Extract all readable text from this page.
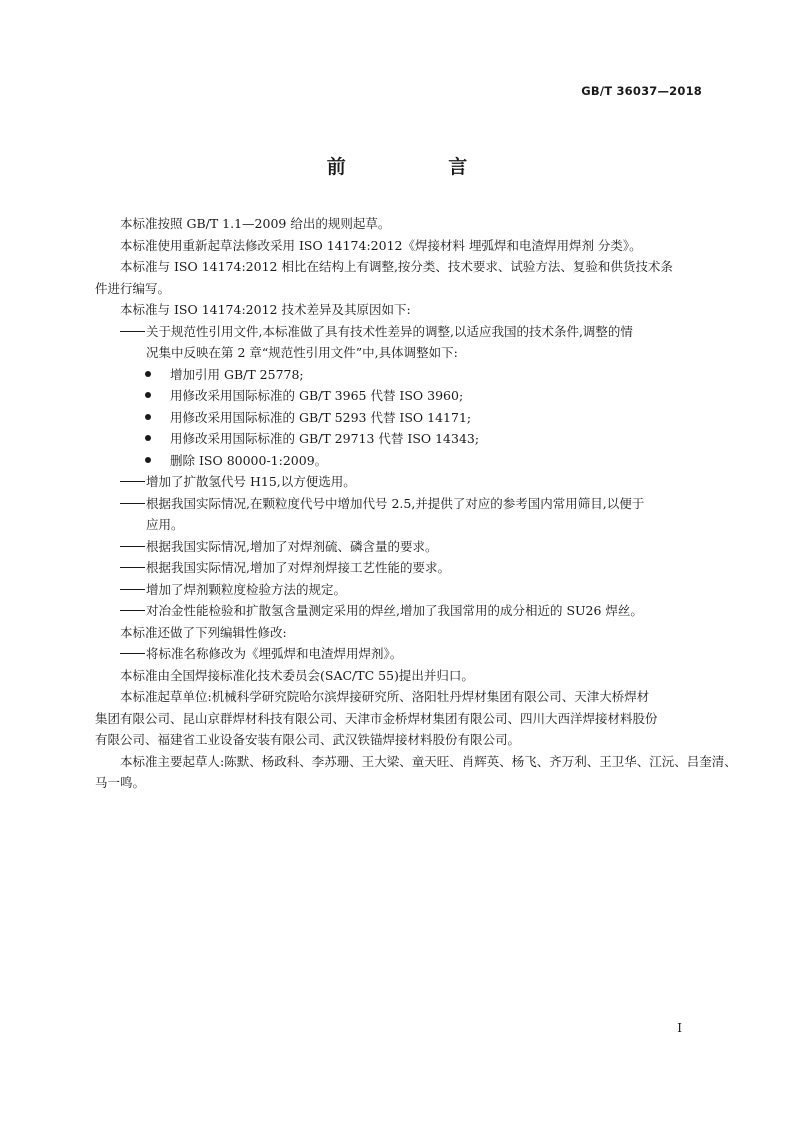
GB/T 36037—2018
前 言
本标准按照 GB/T 1.1—2009 给出的规则起草。
本标准使用重新起草法修改采用 ISO 14174:2012《焊接材料 埋弧焊和电渣焊用焊剂 分类》。
本标准与 ISO 14174:2012 相比在结构上有调整,按分类、技术要求、试验方法、复验和供货技术条
件进行编写。
本标准与 ISO 14174:2012 技术差异及其原因如下:
关于规范性引用文件,本标准做了具有技术性差异的调整,以适应我国的技术条件,调整的情
况集中反映在第 2 章“规范性引用文件”中,具体调整如下:
增加引用 GB/T 25778;
用修改采用国际标准的 GB/T 3965 代替 ISO 3960;
用修改采用国际标准的 GB/T 5293 代替 ISO 14171;
用修改采用国际标准的 GB/T 29713 代替 ISO 14343;
删除 ISO 80000-1:2009。
增加了扩散氢代号 H15,以方便选用。
根据我国实际情况,在颗粒度代号中增加代号 2.5,并提供了对应的参考国内常用筛目,以便于
应用。
根据我国实际情况,增加了对焊剂硫、磷含量的要求。
根据我国实际情况,增加了对焊剂焊接工艺性能的要求。
增加了焊剂颗粒度检验方法的规定。
对冶金性能检验和扩散氢含量测定采用的焊丝,增加了我国常用的成分相近的 SU26 焊丝。
本标准还做了下列编辑性修改:
将标准名称修改为《埋弧焊和电渣焊用焊剂》。
本标准由全国焊接标准化技术委员会(SAC/TC 55)提出并归口。
本标准起草单位:机械科学研究院哈尔滨焊接研究所、洛阳牡丹焊材集团有限公司、天津大桥焊材
集团有限公司、昆山京群焊材科技有限公司、天津市金桥焊材集团有限公司、四川大西洋焊接材料股份
有限公司、福建省工业设备安装有限公司、武汉铁锚焊接材料股份有限公司。
本标准主要起草人:陈默、杨政科、李苏珊、王大梁、童天旺、肖辉英、杨飞、齐万利、王卫华、江沅、吕奎清、
马一鸣。
I
